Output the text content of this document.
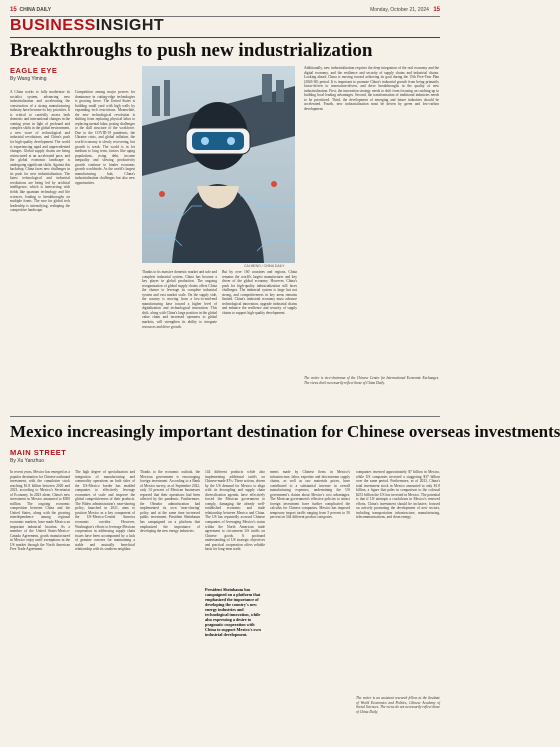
15 CHINA DAILY	Monday, October 21, 2024 15
BUSINESSINSIGHT
Breakthroughs to push new industrialization
EAGLE EYE
By Wang Yiming
A China works to fully modernize its socialist system, advancing new industrialization and accelerating the construction of a strong manufacturing industry have become its key priorities. It is critical to carefully assess both domestic and international changes in the coming years in light of profound and complex shifts in the global environment, a new wave of technological and industrial revolutions, and China's push for high-quality development. The world is experiencing rapid and unprecedented changes. Global supply chains are being restructured at an accelerated pace, and the global economic landscape is undergoing significant shifts. Against this backdrop, China faces new challenges in its push for new industrialization. The latest technological and industrial revolutions are being led by artificial intelligence, which is intersecting with fields like quantum technology and life sciences, leading to breakthroughs on multiple fronts. The race for global tech leadership is intensifying, reshaping the competitive landscape.
Competition among major powers for dominance in cutting-edge technologies is growing fierce. The United States is building small yard with high walls by expanding tech restrictions. Meanwhile, the new technological revolution is shifting from replacing physical labor to replacing mental labor, posing challenges to the skill structure of the workforce. Due to the COVID-19 pandemic, the Ukraine crisis, and global inflation, the world economy is slowly recovering, but growth is weak. The world is in for medium to long term, factors like aging populations, rising debt, income inequality and slowing productivity growth continue to hinder economic growth worldwide. As the world's largest manufacturing hub, China's industrialization challenges but also new opportunities.
CAI MENG / CHINA DAILY
Thanks to its massive domestic market and sole and complete industrial system, China has become a key player in global production. The ongoing reorganization of global supply chains offers China the chance to leverage its complete industrial system and vast market scale. On the supply side, the country is moving from a low-to-mid-end manufacturing base toward a higher level of digitalization and technological innovation. This shift, along with China's large position in the global value chain and increased openness to global markets, will strengthen its ability to integrate resources and drive growth.
But by over 160 countries and regions, China remains the world's largest manufacturer and key driver of the global economy. However, China's push for high-quality industrialization still faces challenges. The industrial system is large but not strong, and competitiveness in key areas remains limited. China's industrial economy must advance technological innovation, upgrade industrial chains and enhance the resilience and security of supply chains to support high-quality development.
Additionally, new industrialization requires the deep integration of the real economy and the digital economy, and the resilience and security of supply chains and industrial chains. Looking ahead, China is moving toward achieving its goal during the 15th Five-Year Plan (2026-30) period. It is important to promote China's industrial growth from being primarily factor-driven to innovation-driven, and drive breakthroughs in the quality of new industrialization. First, the innovation strategy needs to shift from focusing on catching up to building local leading advantages. Second, the transformation of traditional industries needs to be prioritized. Third, the development of emerging and future industries should be accelerated. Fourth, new industrialization must be driven by green and low-carbon development.
The writer is vice-chairman of the Chinese Center for International Economic Exchanges. The views don't necessarily reflect those of China Daily.
Mexico increasingly important destination for Chinese overseas investments
MAIN STREET
By Xu Yanzhuo
In recent years, Mexico has emerged as a popular destination for Chinese outbound investment, with the cumulative stock reaching $1.8 billion between 2020 and 2023, according to Mexico's Secretariat of Economy. In 2023 alone, China's new investment in Mexico amounted to $300 million. The ongoing economic competition between China and the United States, along with the growing interdependence among regional economic markets, have made Mexico an important industrial location. As a member of the United States-Mexico-Canada Agreement, goods manufactured in Mexico enjoy tariff exemptions in the US market through the North American Free Trade Agreement.
The high degree of specialization and integration of manufacturing and commodity operations on both sides of the US-Mexico border has enabled companies to effectively leverage economies of scale and improve the global competitiveness of their products. The Biden administration's near-shoring policy, launched in 2021, aims to position Mexico as a key component of the US-Mexico-Central America economic corridor. However, Washington's efforts to leverage Mexican cooperation in addressing supply chain issues have been accompanied by a lack of genuine concern for maintaining a stable and mutually beneficial relationship with its southern neighbor.
Thanks to the economic outlook, the Mexican government is encouraging foreign investment. According to a Bank of Mexico survey, as of September 2022, only 14 percent of Mexican businesses reported that their operations had been affected by the pandemic. Furthermore, the Obrador administration had implemented its own 'near-shoring' policy and at the same time increased public investment. President Sheinbaum has campaigned on a platform that emphasized the importance of developing the new energy industries.
144 different products while also implementing additional tariffs on Chinese-made EVs. These actions, driven by the US demand for Mexico to align with its decoupling and supply chain diversification agenda, have effectively forced the Mexican government to comply, damaging the already well-established economic and trade relationship between Mexico and China. The US has repeatedly accused Chinese companies of leveraging Mexico's status within the North American trade agreement to circumvent US tariffs on Chinese goods. A profound understanding of US strategic objectives and practical cooperation offers reliable basis for long-term trade.
President Sheinbaum has campaigned on a platform that emphasized the importance of developing the country's new energy industries and technological innovation, while also expressing a desire to pragmatic cooperation with China to support Mexico's own industrial development.
ments made by Chinese firms in Mexico's infrastructure, labor, expertise and downstream supply chains, as well as raw materials prices, have contributed to a substantial increase in overall manufacturing expenses, undermining the US government's claims about Mexico's cost advantages. The Mexican government's effective policies to attract foreign investment have further complicated the calculus for Chinese companies. Mexico has imposed temporary import tariffs ranging from 5 percent to 50 percent on 544 different product categories.
companies invested approximately $7 billion in Mexico, while US companies invested a staggering $37 billion over the same period. Furthermore, as of 2023, China's total investment stock in Mexico amounted to only $1.8 billion, a figure that pales in comparison to the colossal $251 billion the US has invested in Mexico. The potential is that if US attempts a crackdown in Mexico's renewed efforts, China's investment should be inclusive, focused on actively promoting the development of new sectors, including transportation infrastructure, manufacturing, telecommunications, and clean energy.
The writer is an assistant research fellow at the Institute of World Economics and Politics, Chinese Academy of Social Sciences. The views do not necessarily reflect those of China Daily.
